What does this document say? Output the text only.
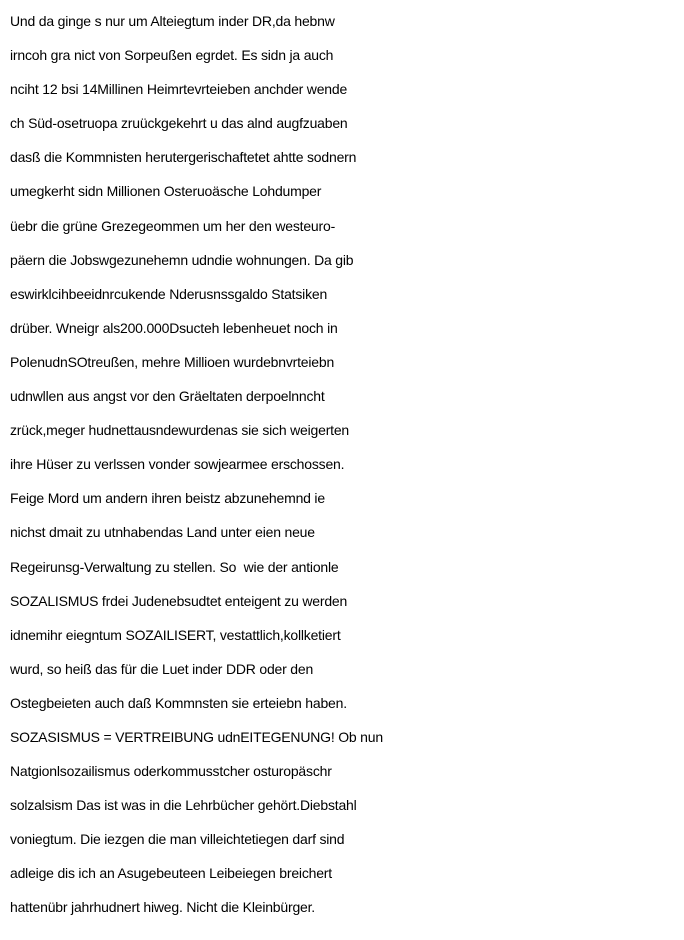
Und da ginge s nur um Alteiegtum inder DR,da hebnw
irncoh gra nict von Sorpeußen egrdet. Es sidn ja auch
nciht 12 bsi 14Millinen Heimrtevrteieben anchder wende
ch Süd-osetruopa zruückgekehrt u das alnd augfzuaben
dasß die Kommnisten herutergerischaftetet ahtte sodnern
umegkerht sidn Millionen Osteruoäsche Lohdumper
üebr die grüne Grezegeommen um her den westeuro-
päern die Jobswgezunehemn udndie wohnungen. Da gib
eswirklcihbeeidnrcukende Nderusnssgaldo Statsiken
drüber. Wneigr als200.000Dsucteh lebenheuet noch in
PolenudnSOtreußen, mehre Millioen wurdebnvrteiebn
udnwllen aus angst vor den Gräeltaten derpoelnncht
zrück,meger hudnettausndewurdenas sie sich weigerten
ihre Hüser zu verlssen vonder sowjearmee erschossen.
Feige Mord um andern ihren beistz abzunehemnd ie
nichst dmait zu utnhabendas Land unter eien neue
Regeirunsg-Verwaltung zu stellen. So  wie der antionle
SOZALISMUS frdei Judenebsudtet enteigent zu werden
idnemihr eiegntum SOZAILISERT, vestattlich,kollketiert
wurd, so heiß das für die Luet inder DDR oder den
Ostegbeieten auch daß Kommnsten sie erteiebn haben.
SOZASISMUS = VERTREIBUNG udnEITEGENUNG! Ob nun
Natgionlsozailismus oderkommusstcher osturopäschr
solzalsism Das ist was in die Lehrbücher gehört.Diebstahl
voniegtum. Die iezgen die man villeichtetiegen darf sind
adleige dis ich an Asugebeuteen Leibeiegen breichert
hattenübr jahrhudnert hiweg. Nicht die Kleinbürger.
